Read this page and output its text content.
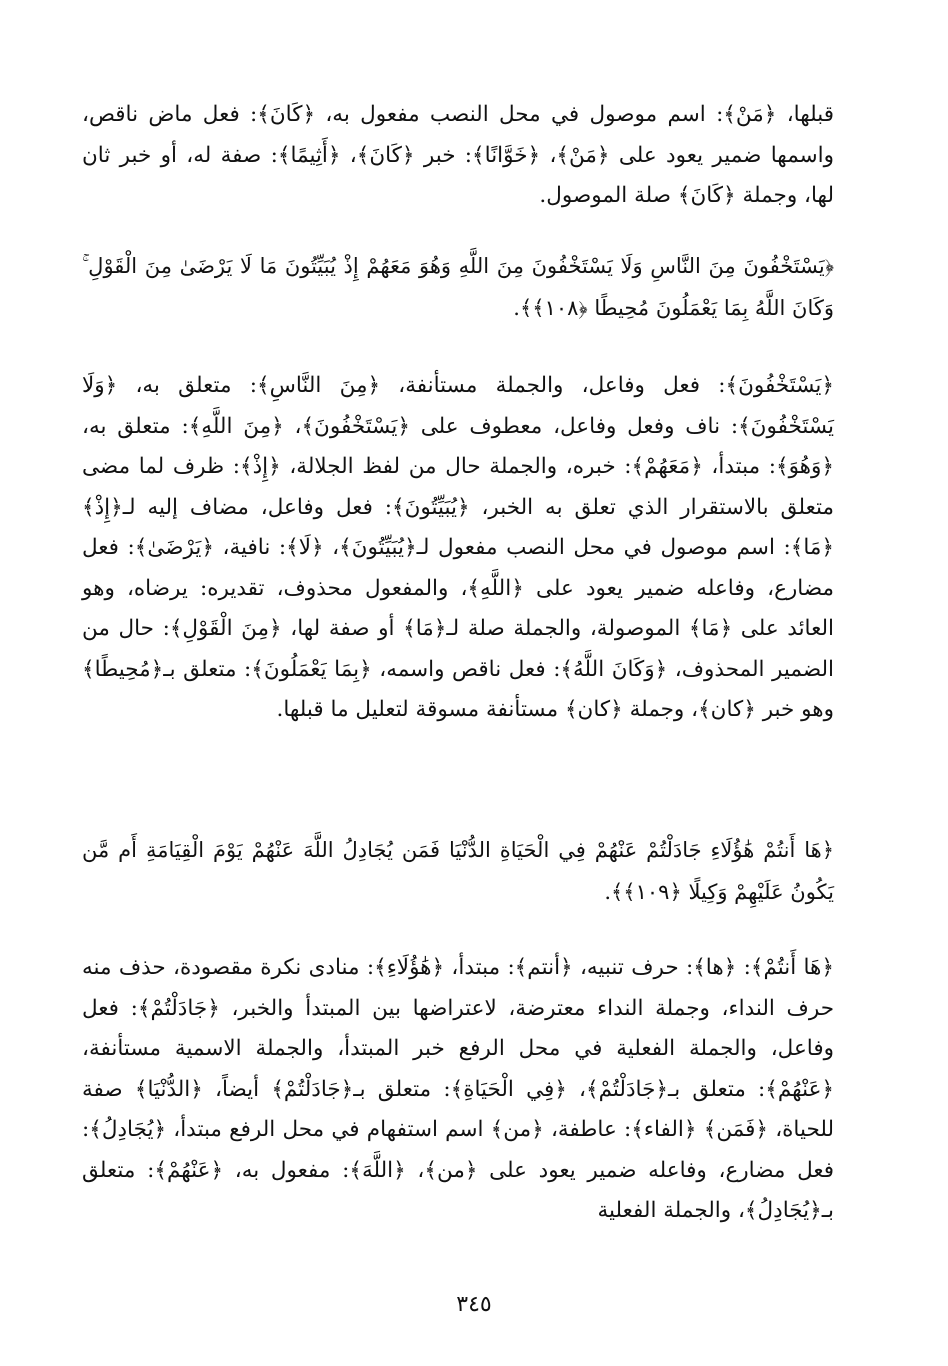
قبلها، ﴿مَنْ﴾: اسم موصول في محل النصب مفعول به، ﴿كَانَ﴾: فعل ماض ناقص، واسمها ضمير يعود على ﴿مَنْ﴾، ﴿خَوَّانًا﴾: خبر ﴿كَانَ﴾، ﴿أَثِيمًا﴾: صفة له، أو خبر ثان لها، وجملة ﴿كَانَ﴾ صلة الموصول.

﴿يَسْتَخْفُونَ مِنَ النَّاسِ وَلَا يَسْتَخْفُونَ مِنَ اللَّهِ وَهُوَ مَعَهُمْ إِذْ يُبَيِّتُونَ مَا لَا يَرْضَىٰ مِنَ الْقَوْلِ ۚ وَكَانَ اللَّهُ بِمَا يَعْمَلُونَ مُحِيطًا ﴿١٠٨﴾﴾.

﴿يَسْتَخْفُونَ﴾: فعل وفاعل، والجملة مستأنفة، ﴿مِنَ النَّاسِ﴾: متعلق به، ﴿وَلَا يَسْتَخْفُونَ﴾: ناف وفعل وفاعل، معطوف على ﴿يَسْتَخْفُونَ﴾، ﴿مِنَ اللَّهِ﴾: متعلق به، ﴿وَهُوَ﴾: مبتدأ، ﴿مَعَهُمْ﴾: خبره، والجملة حال من لفظ الجلالة، ﴿إِذْ﴾: ظرف لما مضى متعلق بالاستقرار الذي تعلق به الخبر، ﴿يُبَيِّتُونَ﴾: فعل وفاعل، مضاف إليه لـ﴿إِذْ﴾ ﴿مَا﴾: اسم موصول في محل النصب مفعول لـ﴿يُبَيِّتُونَ﴾، ﴿لَا﴾: نافية، ﴿يَرْضَىٰ﴾: فعل مضارع، وفاعله ضمير يعود على ﴿اللَّهِ﴾، والمفعول محذوف، تقديره: يرضاه، وهو العائد على ﴿مَا﴾ الموصولة، والجملة صلة لـ﴿مَا﴾ أو صفة لها، ﴿مِنَ الْقَوْلِ﴾: حال من الضمير المحذوف، ﴿وَكَانَ اللَّهُ﴾: فعل ناقص واسمه، ﴿بِمَا يَعْمَلُونَ﴾: متعلق بـ﴿مُحِيطًا﴾ وهو خبر ﴿كان﴾، وجملة ﴿كان﴾ مستأنفة مسوقة لتعليل ما قبلها.

﴿هَا أَنتُمْ هَٰؤُلَاءِ جَادَلْتُمْ عَنْهُمْ فِي الْحَيَاةِ الدُّنْيَا فَمَن يُجَادِلُ اللَّهَ عَنْهُمْ يَوْمَ الْقِيَامَةِ أَم مَّن يَكُونُ عَلَيْهِمْ وَكِيلًا ﴿١٠٩﴾﴾.

﴿هَا أَنتُمْ﴾: ﴿ها﴾: حرف تنبيه، ﴿أنتم﴾: مبتدأ، ﴿هَٰؤُلَاءِ﴾: منادى نكرة مقصودة، حذف منه حرف النداء، وجملة النداء معترضة، لاعتراضها بين المبتدأ والخبر، ﴿جَادَلْتُمْ﴾: فعل وفاعل، والجملة الفعلية في محل الرفع خبر المبتدأ، والجملة الاسمية مستأنفة، ﴿عَنْهُمْ﴾: متعلق بـ﴿جَادَلْتُمْ﴾، ﴿فِي الْحَيَاةِ﴾: متعلق بـ﴿جَادَلْتُمْ﴾ أيضاً، ﴿الدُّنْيَا﴾ صفة للحياة، ﴿فَمَن﴾ ﴿الفاء﴾: عاطفة، ﴿من﴾ اسم استفهام في محل الرفع مبتدأ، ﴿يُجَادِلُ﴾: فعل مضارع، وفاعله ضمير يعود على ﴿من﴾، ﴿اللَّهَ﴾: مفعول به، ﴿عَنْهُمْ﴾: متعلق بـ﴿يُجَادِلُ﴾، والجملة الفعلية

٣٤٥
